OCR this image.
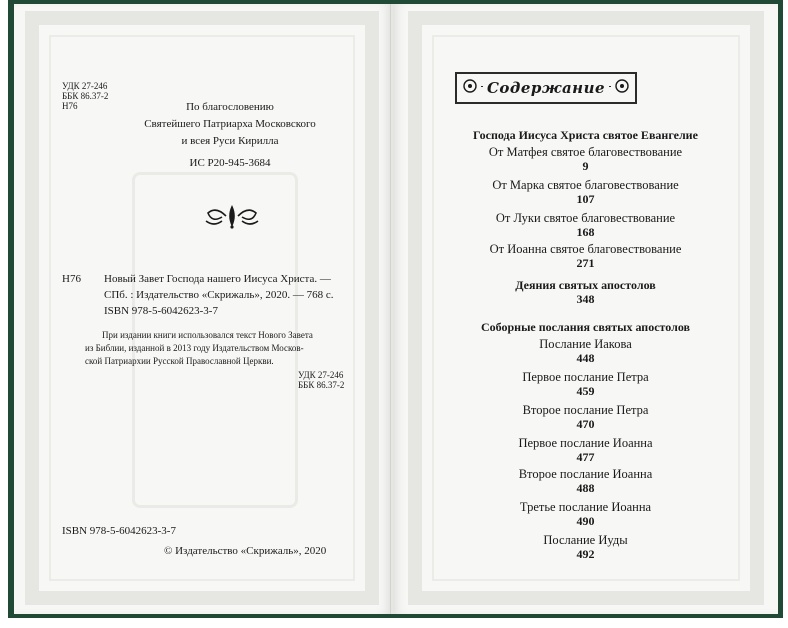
УДК 27-246
ББК 86.37-2
Н76	По благословению
Святейшего Патриарха Московского
и всея Руси Кирилла
ИС Р20-945-3684
Н76 Новый Завет Господа нашего Иисуса Христа. —
СПб. : Издательство «Скрижаль», 2020. — 768 с.
ISBN 978-5-6042623-3-7
При издании книги использовался текст Нового Завета
из Библии, изданной в 2013 году Издательством Москов-
ской Патриархии Русской Православной Церкви.
УДК 27-246
ББК 86.37-2
ISBN 978-5-6042623-3-7
© Издательство «Скрижаль», 2020
Содержание
Господа Иисуса Христа святое Евангелие
От Матфея святое благовествование
9
От Марка святое благовествование
107
От Луки святое благовествование
168
От Иоанна святое благовествование
271
Деяния святых апостолов
348
Соборные послания святых апостолов
Послание Иакова
448
Первое послание Петра
459
Второе послание Петра
470
Первое послание Иоанна
477
Второе послание Иоанна
488
Третье послание Иоанна
490
Послание Иуды
492
